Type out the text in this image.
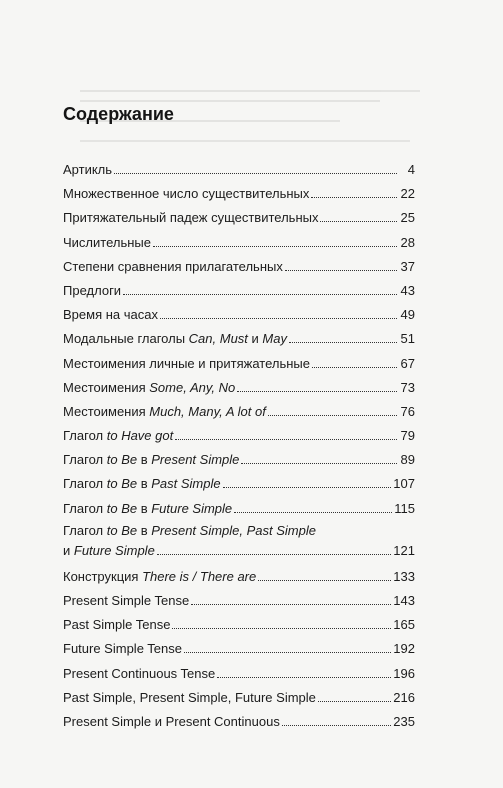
Содержание
Артикль	4
Множественное число существительных	22
Притяжательный падеж существительных	25
Числительные	28
Степени сравнения прилагательных	37
Предлоги	43
Время на часах	49
Модальные глаголы Can, Must и May	51
Местоимения личные и притяжательные	67
Местоимения Some, Any, No	73
Местоимения Much, Many, A lot of	76
Глагол to Have got	79
Глагол to Be в Present Simple	89
Глагол to Be в Past Simple	107
Глагол to Be в Future Simple	115
Глагол to Be в Present Simple, Past Simple
и Future Simple	121
Конструкция There is / There are	133
Present Simple Tense	143
Past Simple Tense	165
Future Simple Tense	192
Present Continuous Tense	196
Past Simple, Present Simple, Future Simple	216
Present Simple и Present Continuous	235
